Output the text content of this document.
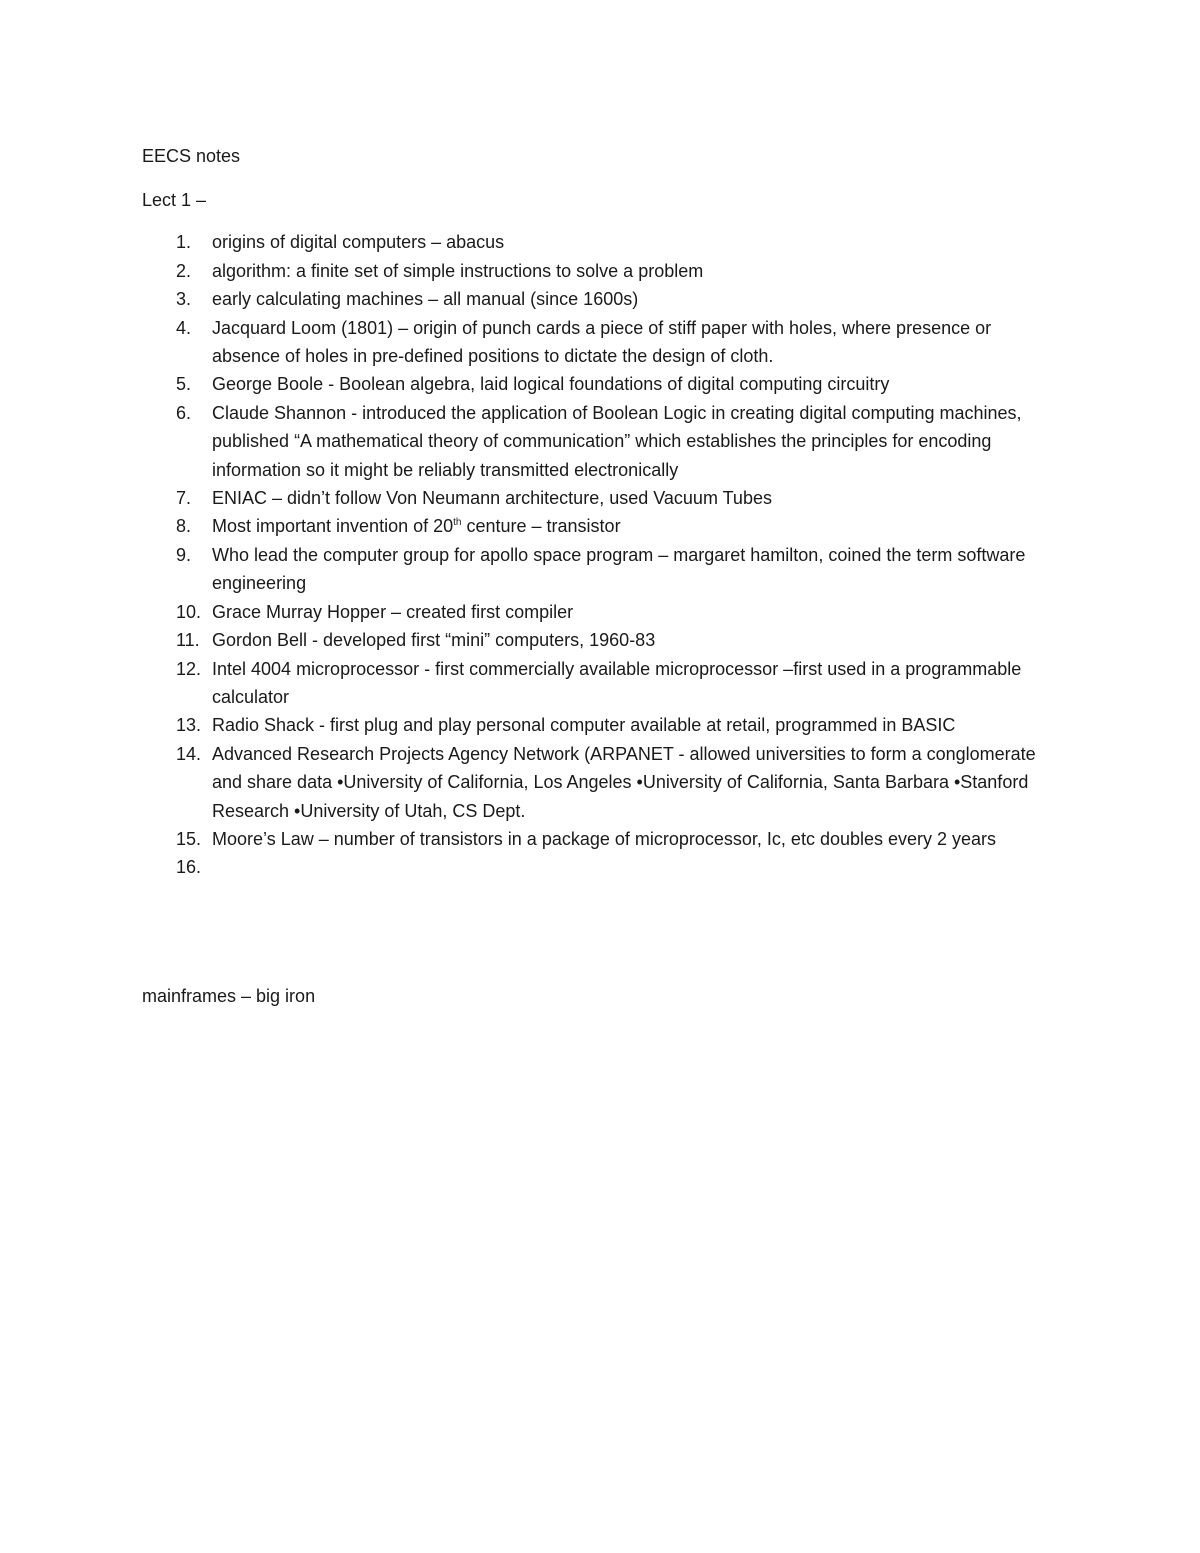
EECS notes

Lect 1 –

1. origins of digital computers – abacus
2. algorithm: a finite set of simple instructions to solve a problem
3. early calculating machines – all manual (since 1600s)
4. Jacquard Loom (1801) – origin of punch cards a piece of stiff paper with holes, where presence or absence of holes in pre-defined positions to dictate the design of cloth.
5. George Boole - Boolean algebra, laid logical foundations of digital computing circuitry
6. Claude Shannon - introduced the application of Boolean Logic in creating digital computing machines, published “A mathematical theory of communication” which establishes the principles for encoding information so it might be reliably transmitted electronically
7. ENIAC – didn’t follow Von Neumann architecture, used Vacuum Tubes
8. Most important invention of 20th centure – transistor
9. Who lead the computer group for apollo space program – margaret hamilton, coined the term software engineering
10. Grace Murray Hopper – created first compiler
11. Gordon Bell - developed first “mini” computers, 1960-83
12. Intel 4004 microprocessor - first commercially available microprocessor –first used in a programmable calculator
13. Radio Shack - first plug and play personal computer available at retail, programmed in BASIC
14. Advanced Research Projects Agency Network (ARPANET - allowed universities to form a conglomerate and share data •University of California, Los Angeles •University of California, Santa Barbara •Stanford Research •University of Utah, CS Dept.
15. Moore’s Law – number of transistors in a package of microprocessor, Ic, etc doubles every 2 years
16.

mainframes – big iron
